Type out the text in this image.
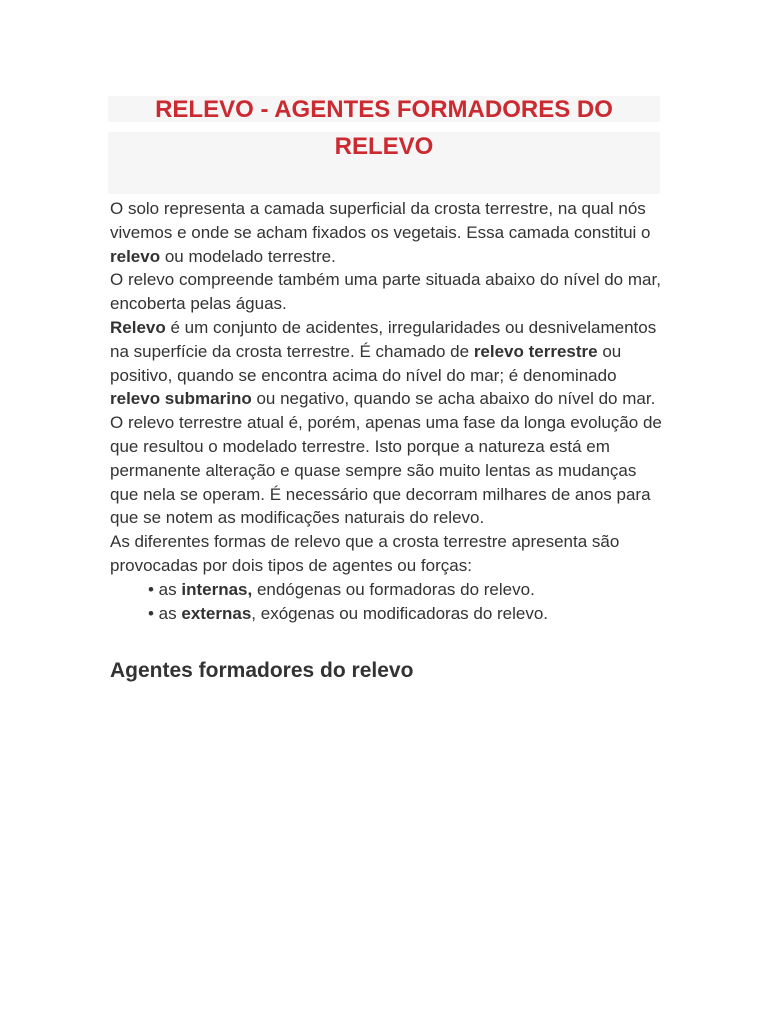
RELEVO - AGENTES FORMADORES DO RELEVO

O solo representa a camada superficial da crosta terrestre, na qual nós vivemos e onde se acham fixados os vegetais. Essa camada constitui o relevo ou modelado terrestre.

O relevo compreende também uma parte situada abaixo do nível do mar, encoberta pelas águas.

Relevo é um conjunto de acidentes, irregularidades ou desnivelamentos na superfície da crosta terrestre. É chamado de relevo terrestre ou positivo, quando se encontra acima do nível do mar; é denominado relevo submarino ou negativo, quando se acha abaixo do nível do mar.

O relevo terrestre atual é, porém, apenas uma fase da longa evolução de que resultou o modelado terrestre. Isto porque a natureza está em permanente alteração e quase sempre são muito lentas as mudanças que nela se operam. É necessário que decorram milhares de anos para que se notem as modificações naturais do relevo.

As diferentes formas de relevo que a crosta terrestre apresenta são provocadas por dois tipos de agentes ou forças:

• as internas, endógenas ou formadoras do relevo.
• as externas, exógenas ou modificadoras do relevo.
Agentes formadores do relevo
